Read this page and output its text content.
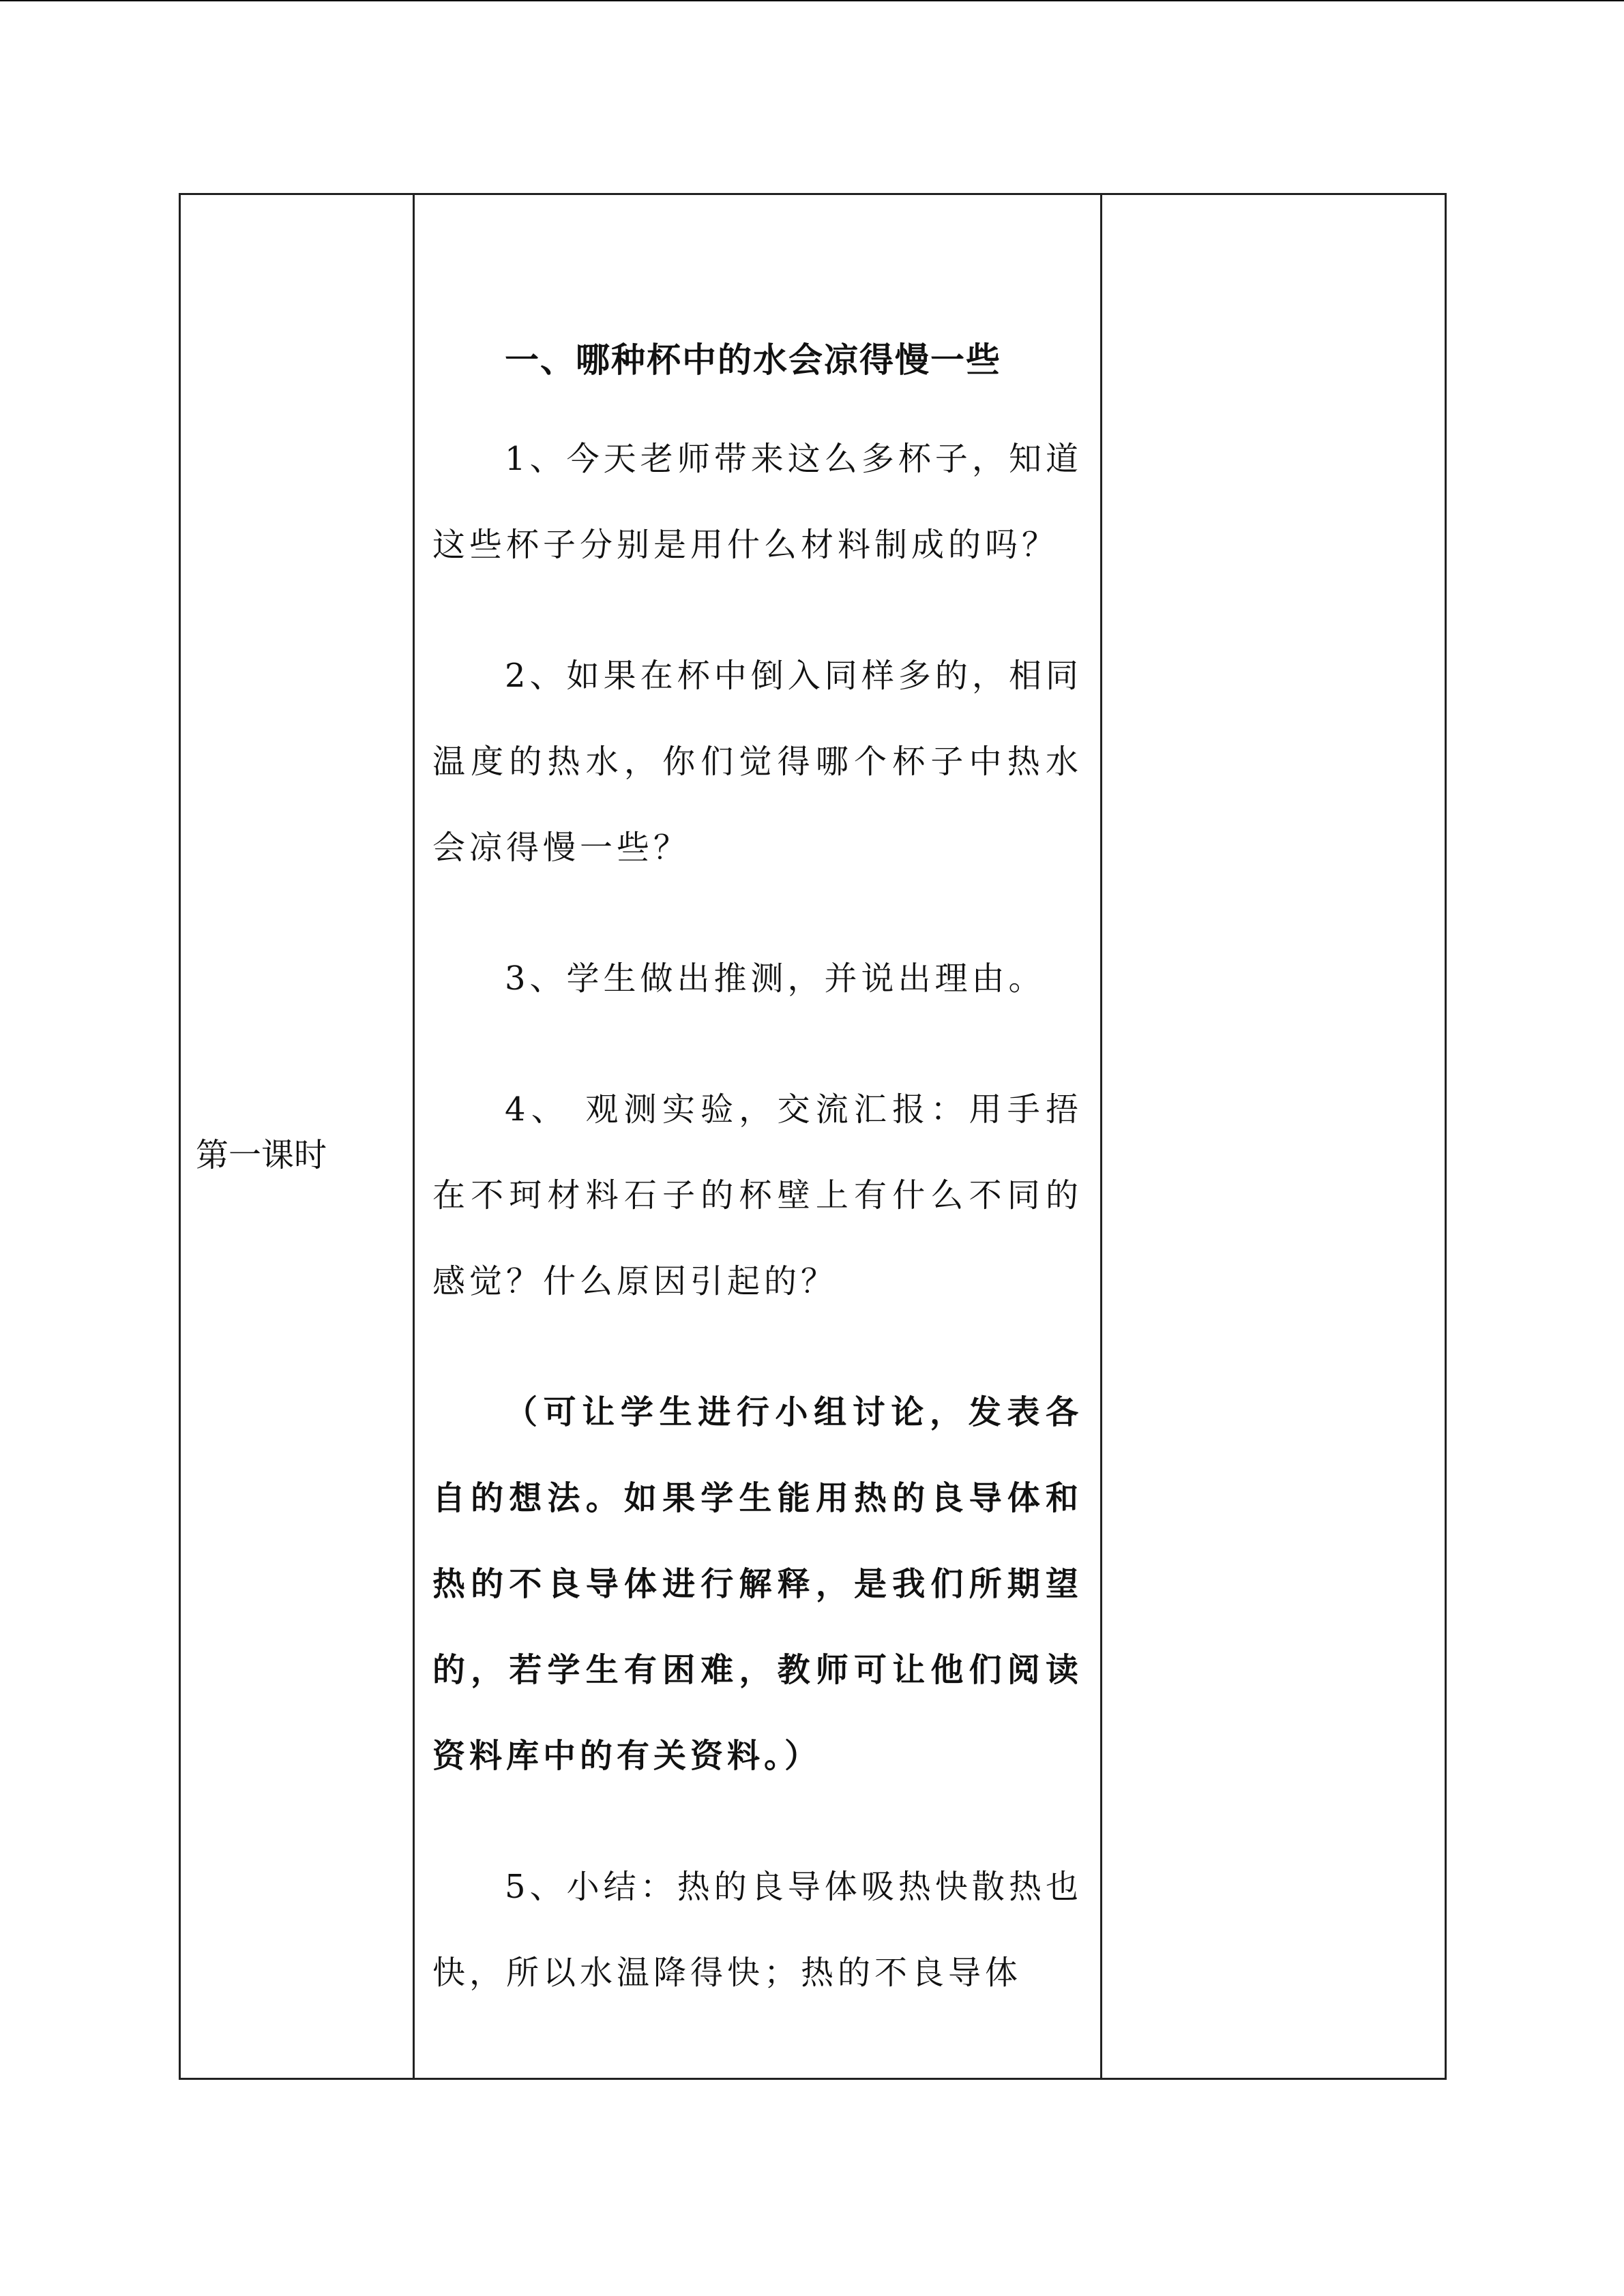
第一课时

一、哪种杯中的水会凉得慢一些

1、今天老师带来这么多杯子，知道这些杯子分别是用什么材料制成的吗？

2、如果在杯中倒入同样多的，相同温度的热水，你们觉得哪个杯子中热水会凉得慢一些？

3、学生做出推测，并说出理由。

4、 观测实验，交流汇报：用手捂在不珂材料石子的杯壁上有什么不同的感觉？什么原因引起的？

（可让学生进行小组讨论，发表各自的想法。如果学生能用热的良导体和热的不良导体进行解释，是我们所期望的，若学生有困难，教师可让他们阅读资料库中的有关资料。）

5、小结：热的良导体吸热快散热也快，所以水温降得快；热的不良导体
